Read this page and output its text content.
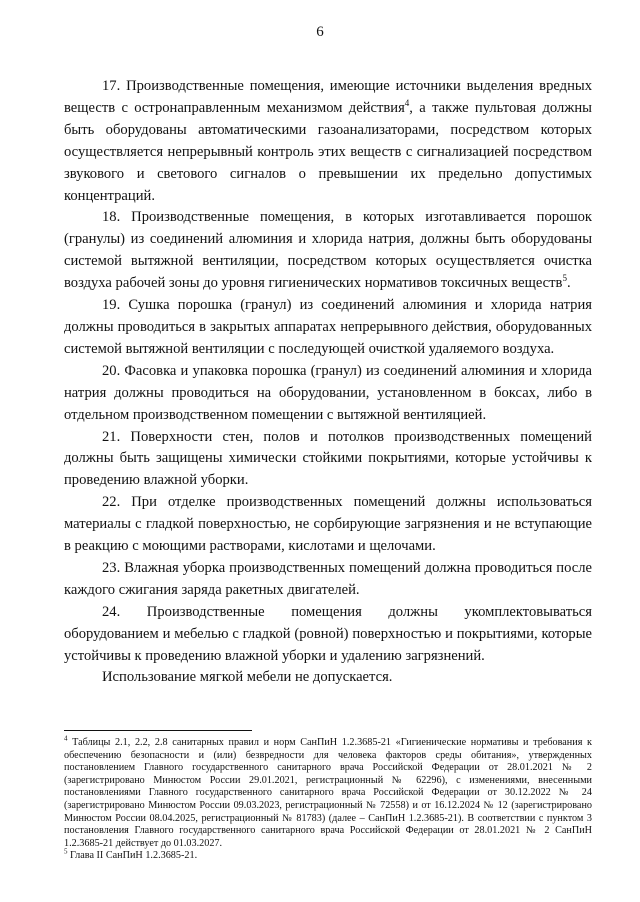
6

17. Производственные помещения, имеющие источники выделения вредных веществ с остронаправленным механизмом действия$^4$, а также пультовая должны быть оборудованы автоматическими газоанализаторами, посредством которых осуществляется непрерывный контроль этих веществ с сигнализацией посредством звукового и светового сигналов о превышении их предельно допустимых концентраций.

18. Производственные помещения, в которых изготавливается порошок (гранулы) из соединений алюминия и хлорида натрия, должны быть оборудованы системой вытяжной вентиляции, посредством которых осуществляется очистка воздуха рабочей зоны до уровня гигиенических нормативов токсичных веществ$^5$.

19. Сушка порошка (гранул) из соединений алюминия и хлорида натрия должны проводиться в закрытых аппаратах непрерывного действия, оборудованных системой вытяжной вентиляции с последующей очисткой удаляемого воздуха.

20. Фасовка и упаковка порошка (гранул) из соединений алюминия и хлорида натрия должны проводиться на оборудовании, установленном в боксах, либо в отдельном производственном помещении с вытяжной вентиляцией.

21. Поверхности стен, полов и потолков производственных помещений должны быть защищены химически стойкими покрытиями, которые устойчивы к проведению влажной уборки.

22. При отделке производственных помещений должны использоваться материалы с гладкой поверхностью, не сорбирующие загрязнения и не вступающие в реакцию с моющими растворами, кислотами и щелочами.

23. Влажная уборка производственных помещений должна проводиться после каждого сжигания заряда ракетных двигателей.

24. Производственные помещения должны укомплектовываться оборудованием и мебелью с гладкой (ровной) поверхностью и покрытиями, которые устойчивы к проведению влажной уборки и удалению загрязнений.

Использование мягкой мебели не допускается.

$^4$ Таблицы 2.1, 2.2, 2.8 санитарных правил и норм СанПиН 1.2.3685-21 «Гигиенические нормативы и требования к обеспечению безопасности и (или) безвредности для человека факторов среды обитания», утвержденных постановлением Главного государственного санитарного врача Российской Федерации от 28.01.2021 № 2 (зарегистрировано Минюстом России 29.01.2021, регистрационный № 62296), с изменениями, внесенными постановлениями Главного государственного санитарного врача Российской Федерации от 30.12.2022 № 24 (зарегистрировано Минюстом России 09.03.2023, регистрационный № 72558) и от 16.12.2024 № 12 (зарегистрировано Минюстом России 08.04.2025, регистрационный № 81783) (далее – СанПиН 1.2.3685-21). В соответствии с пунктом 3 постановления Главного государственного санитарного врача Российской Федерации от 28.01.2021 № 2 СанПиН 1.2.3685-21 действует до 01.03.2027.

$^5$ Глава II СанПиН 1.2.3685-21.
